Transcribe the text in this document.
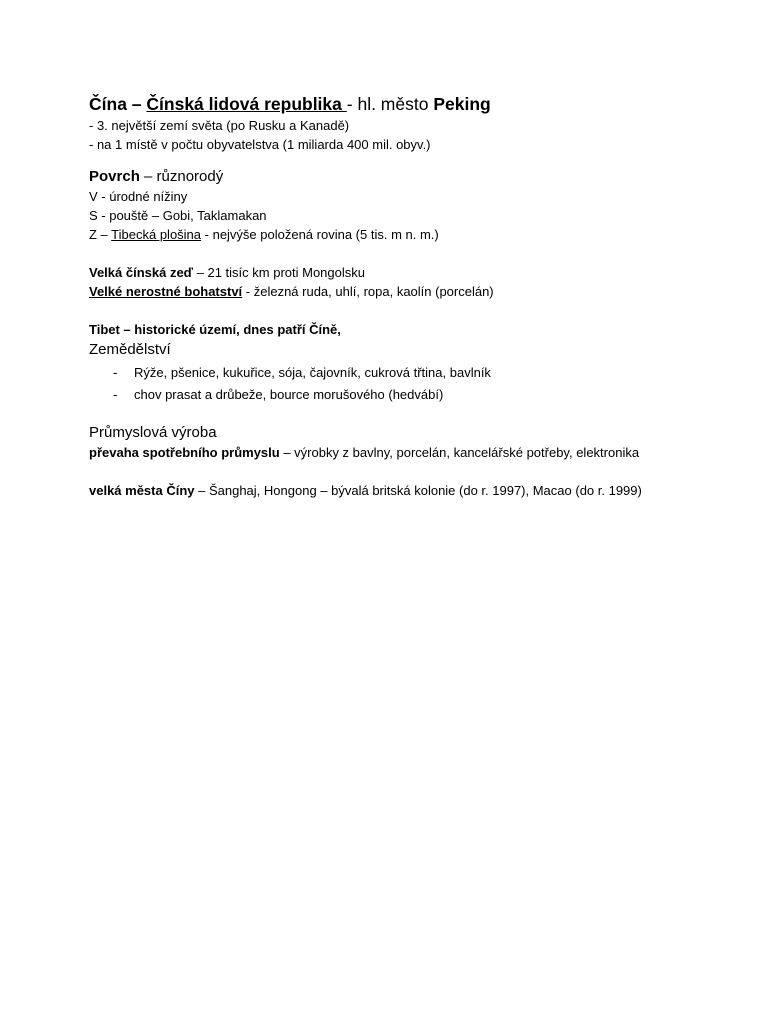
Čína – Čínská lidová republika - hl. město Peking

- 3. největší zemí světa (po Rusku a Kanadě)

- na 1 místě v počtu obyvatelstva (1 miliarda 400 mil. obyv.)

Povrch – různorodý

V - úrodné nížiny

S - pouště – Gobi, Taklamakan

Z – Tibecká plošina - nejvýše položená rovina (5 tis. m n. m.)

Velká čínská zeď – 21 tisíc km proti Mongolsku

Velké nerostné bohatství - železná ruda, uhlí, ropa, kaolín (porcelán)

Tibet – historické území, dnes patří Číně,

Zemědělství

- Rýže, pšenice, kukuřice, sója, čajovník, cukrová třtina, bavlník
- chov prasat a drůbeže, bource morušového (hedvábí)

Průmyslová výroba

převaha spotřebního průmyslu – výrobky z bavlny, porcelán, kancelářské potřeby, elektronika

velká města Číny – Šanghaj, Hongong – bývalá britská kolonie (do r. 1997), Macao (do r. 1999)
